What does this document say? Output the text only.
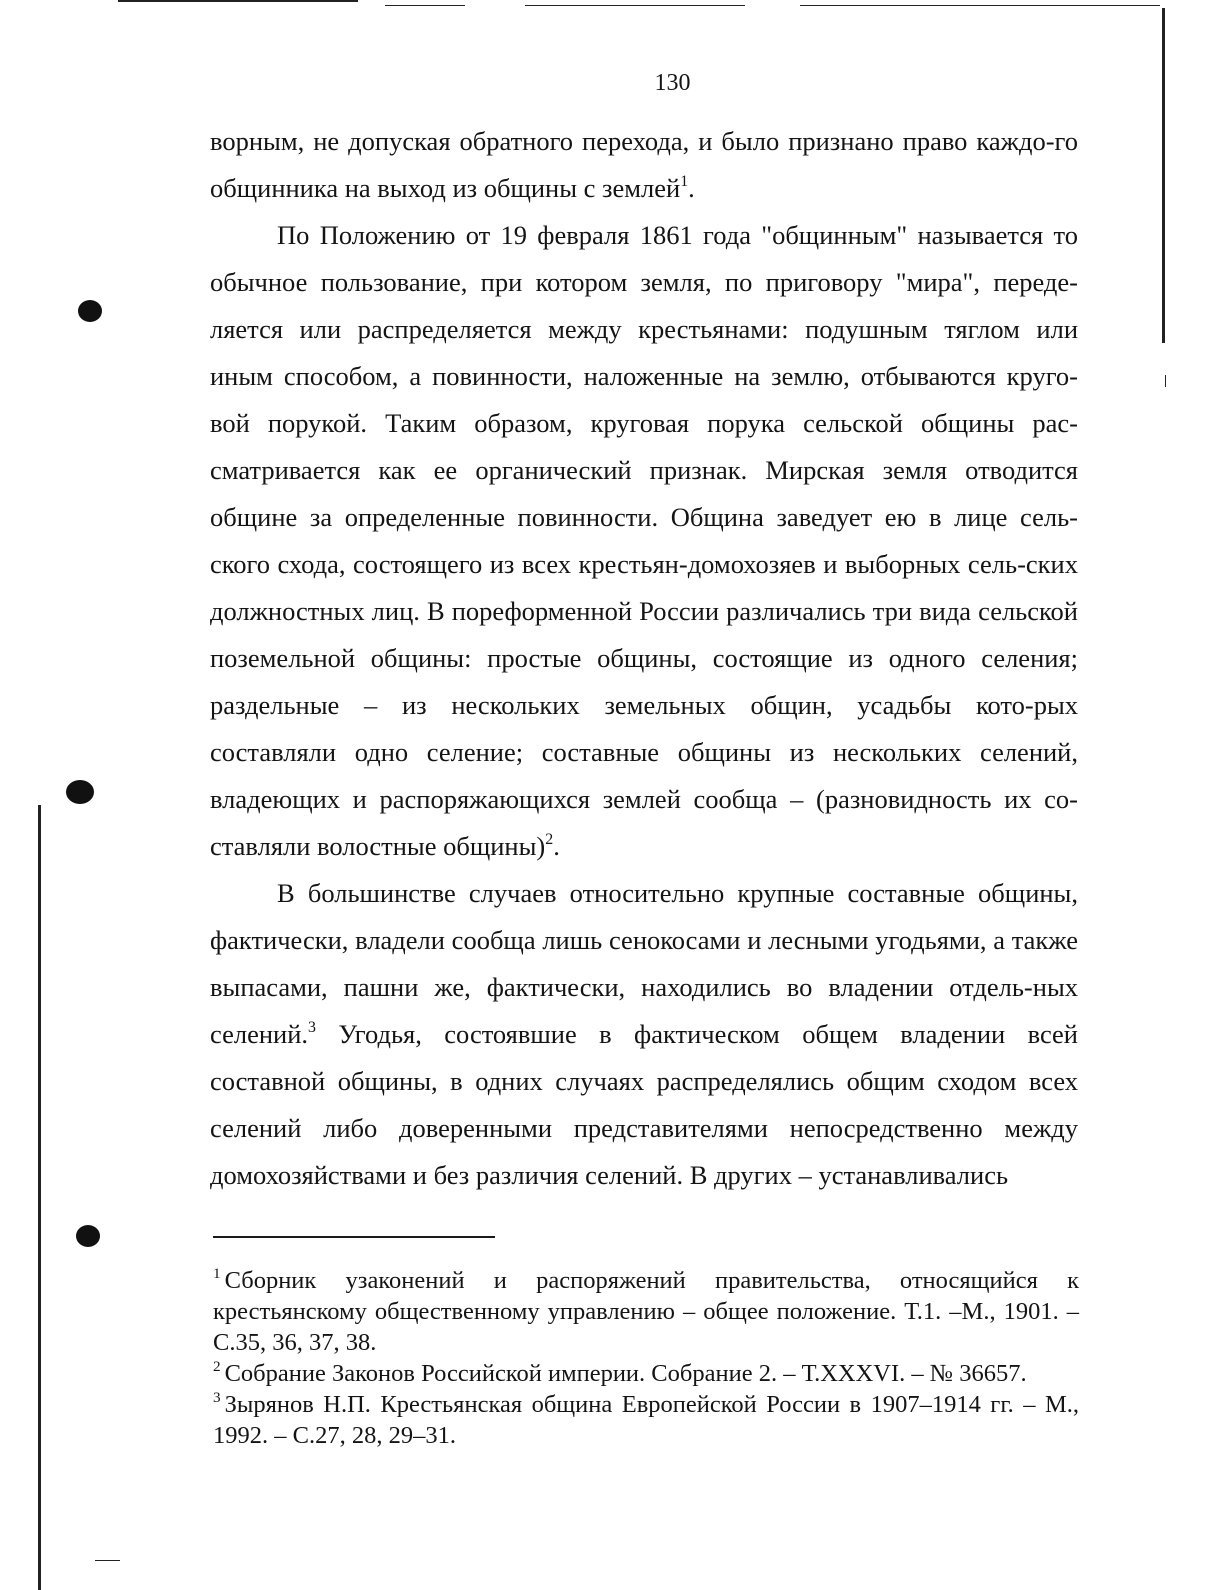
130

ворным, не допуская обратного перехода, и было признано право каждо-го общинника на выход из общины с землей$^1$.

По Положению от 19 февраля 1861 года "общинным" называется то обычное пользование, при котором земля, по приговору "мира", переде-ляется или распределяется между крестьянами: подушным тяглом или иным способом, а повинности, наложенные на землю, отбываются круго-вой порукой. Таким образом, круговая порука сельской общины рас-сматривается как ее органический признак. Мирская земля отводится общине за определенные повинности. Община заведует ею в лице сель-ского схода, состоящего из всех крестьян-домохозяев и выборных сель-ских должностных лиц. В пореформенной России различались три вида сельской поземельной общины: простые общины, состоящие из одного селения; раздельные – из нескольких земельных общин, усадьбы кото-рых составляли одно селение; составные общины из нескольких селений, владеющих и распоряжающихся землей сообща – (разновидность их со-ставляли волостные общины)$^2$.

В большинстве случаев относительно крупные составные общины, фактически, владели сообща лишь сенокосами и лесными угодьями, а также выпасами, пашни же, фактически, находились во владении отдель-ных селений.$^3$ Угодья, состоявшие в фактическом общем владении всей составной общины, в одних случаях распределялись общим сходом всех селений либо доверенными представителями непосредственно между домохозяйствами и без различия селений. В других – устанавливались

$^1$ Сборник узаконений и распоряжений правительства, относящийся к крестьянскому общественному управлению – общее положение. Т.1. –М., 1901. – С.35, 36, 37, 38.

$^2$ Собрание Законов Российской империи. Собрание 2. – Т.XXXVI. – № 36657.

$^3$ Зырянов Н.П. Крестьянская община Европейской России в 1907–1914 гг. – М., 1992. – С.27, 28, 29–31.
